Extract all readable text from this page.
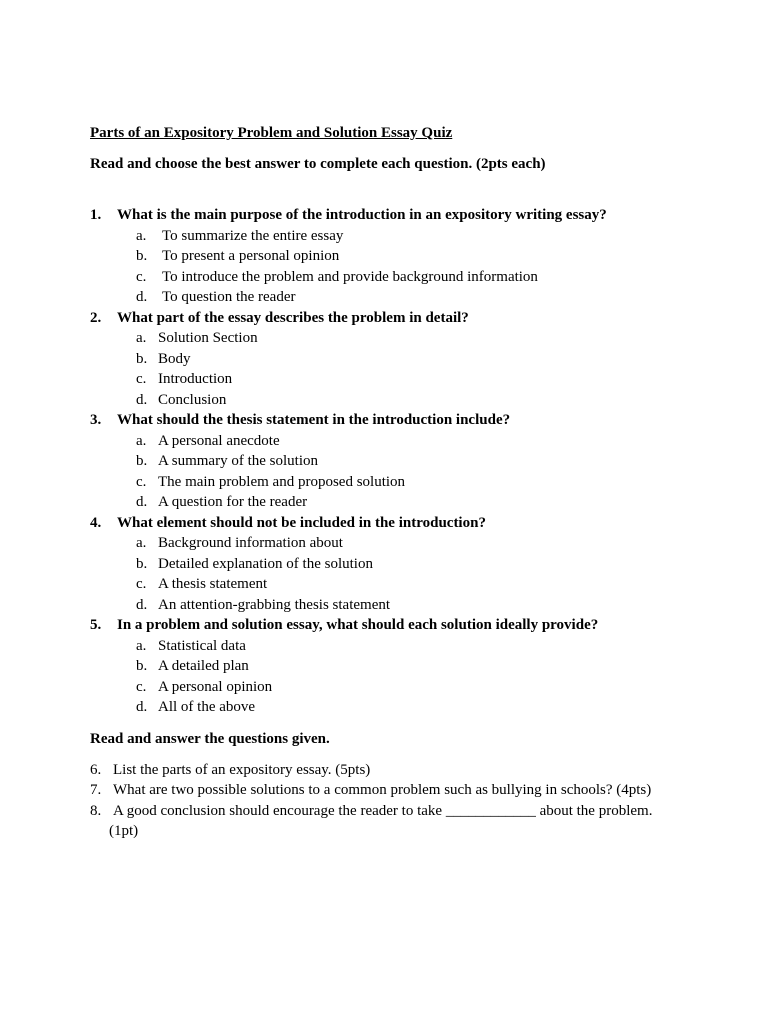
Parts of an Expository Problem and Solution Essay Quiz

Read and choose the best answer to complete each question. (2pts each)

1.	What is the main purpose of the introduction in an expository writing essay?
a.	To summarize the entire essay
b. To present a personal opinion
c.	To introduce the problem and provide background information
d. To question the reader
2.	What part of the essay describes the problem in detail?
a. Solution Section
b. Body
c. Introduction
d. Conclusion
3.	What should the thesis statement in the introduction include?
a. A personal anecdote
b. A summary of the solution
c. The main problem and proposed solution
d. A question for the reader
4.	What element should not be included in the introduction?
a. Background information about
b. Detailed explanation of the solution
c. A thesis statement
d. An attention-grabbing thesis statement
5.	In a problem and solution essay, what should each solution ideally provide?
a. Statistical data
b. A detailed plan
c. A personal opinion
d. All of the above

Read and answer the questions given.

6. List the parts of an expository essay. (5pts)
7. What are two possible solutions to a common problem such as bullying in schools? (4pts)
8. A good conclusion should encourage the reader to take ____________ about the problem.
(1pt)
